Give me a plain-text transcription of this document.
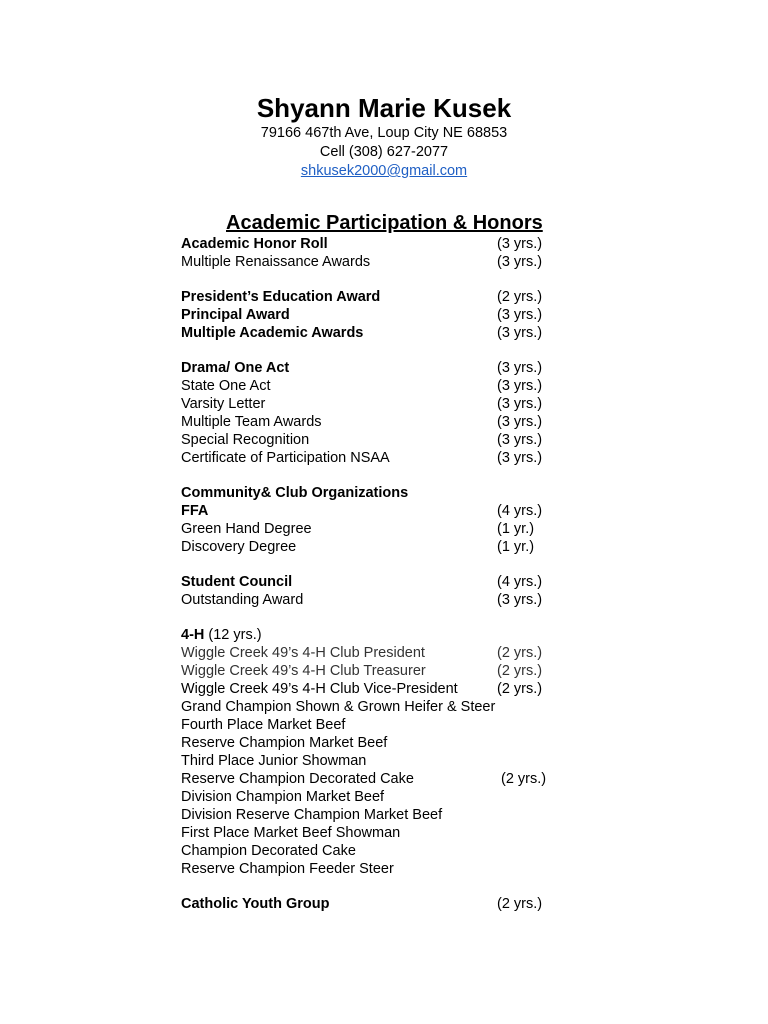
Shyann Marie Kusek
79166 467th Ave, Loup City NE 68853
Cell (308) 627-2077
shkusek2000@gmail.com
Academic Participation & Honors
Academic Honor Roll	(3 yrs.)
Multiple Renaissance Awards	(3 yrs.)
President’s Education Award	(2 yrs.)
Principal Award	(3 yrs.)
Multiple Academic Awards	(3 yrs.)
Drama/ One Act	(3 yrs.)
State One Act	(3 yrs.)
Varsity Letter	(3 yrs.)
Multiple Team Awards	(3 yrs.)
Special Recognition	(3 yrs.)
Certificate of Participation NSAA	(3 yrs.)
Community& Club Organizations
FFA	(4 yrs.)
Green Hand Degree	(1 yr.)
Discovery Degree	(1 yr.)
Student Council	(4 yrs.)
Outstanding Award	(3 yrs.)
4-H (12 yrs.)
Wiggle Creek 49’s 4-H Club President	(2 yrs.)
Wiggle Creek 49’s 4-H Club Treasurer	(2 yrs.)
Wiggle Creek 49’s 4-H Club Vice-President	(2 yrs.)
Grand Champion Shown & Grown Heifer & Steer
Fourth Place Market Beef
Reserve Champion Market Beef
Third Place Junior Showman
Reserve Champion Decorated Cake	(2 yrs.)
Division Champion Market Beef
Division Reserve Champion Market Beef
First Place Market Beef Showman
Champion Decorated Cake
Reserve Champion Feeder Steer
Catholic Youth Group	(2 yrs.)
